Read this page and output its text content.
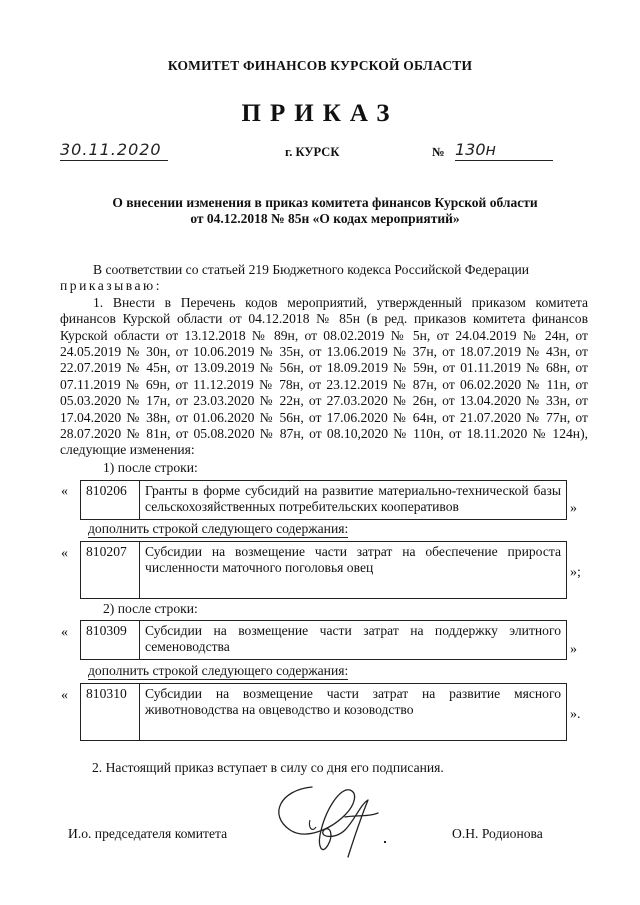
КОМИТЕТ ФИНАНСОВ КУРСКОЙ ОБЛАСТИ
ПРИКАЗ
30.11.2020	г. КУРСК	№ 130н
О внесении изменения в приказ комитета финансов Курской области
от 04.12.2018 № 85н «О кодах мероприятий»

В соответствии со статьей 219 Бюджетного кодекса Российской Федерации

приказываю:

1. Внести в Перечень кодов мероприятий, утвержденный приказом комитета финансов Курской области от 04.12.2018 № 85н (в ред. приказов комитета финансов Курской области от 13.12.2018 № 89н, от 08.02.2019 № 5н, от 24.04.2019 № 24н, от 24.05.2019 № 30н, от 10.06.2019 № 35н, от 13.06.2019 № 37н, от 18.07.2019 № 43н, от 22.07.2019 № 45н, от 13.09.2019 № 56н, от 18.09.2019 № 59н, от 01.11.2019 № 68н, от 07.11.2019 № 69н, от 11.12.2019 № 78н, от 23.12.2019 № 87н, от 06.02.2020 № 11н, от 05.03.2020 № 17н, от 23.03.2020 № 22н, от 27.03.2020 № 26н, от 13.04.2020 № 33н, от 17.04.2020 № 38н, от 01.06.2020 № 56н, от 17.06.2020 № 64н, от 21.07.2020 № 77н, от 28.07.2020 № 81н, от 05.08.2020 № 87н, от 08.10,2020 № 110н, от 18.11.2020 № 124н), следующие изменения:

1) после строки:
« 810206	Гранты в форме субсидий на развитие материально-технической базы сельскохозяйственных потребительских кооперативов	»
дополнить строкой следующего содержания:
« 810207	Субсидии на возмещение части затрат на обеспечение прироста численности маточного поголовья овец	»;
2) после строки:
« 810309	Субсидии на возмещение части затрат на поддержку элитного семеноводства	»
дополнить строкой следующего содержания:
« 810310	Субсидии на возмещение части затрат на развитие мясного животноводства на овцеводство и козоводство	».
2. Настоящий приказ вступает в силу со дня его подписания.
И.о. председателя комитета	О.Н. Родионова
